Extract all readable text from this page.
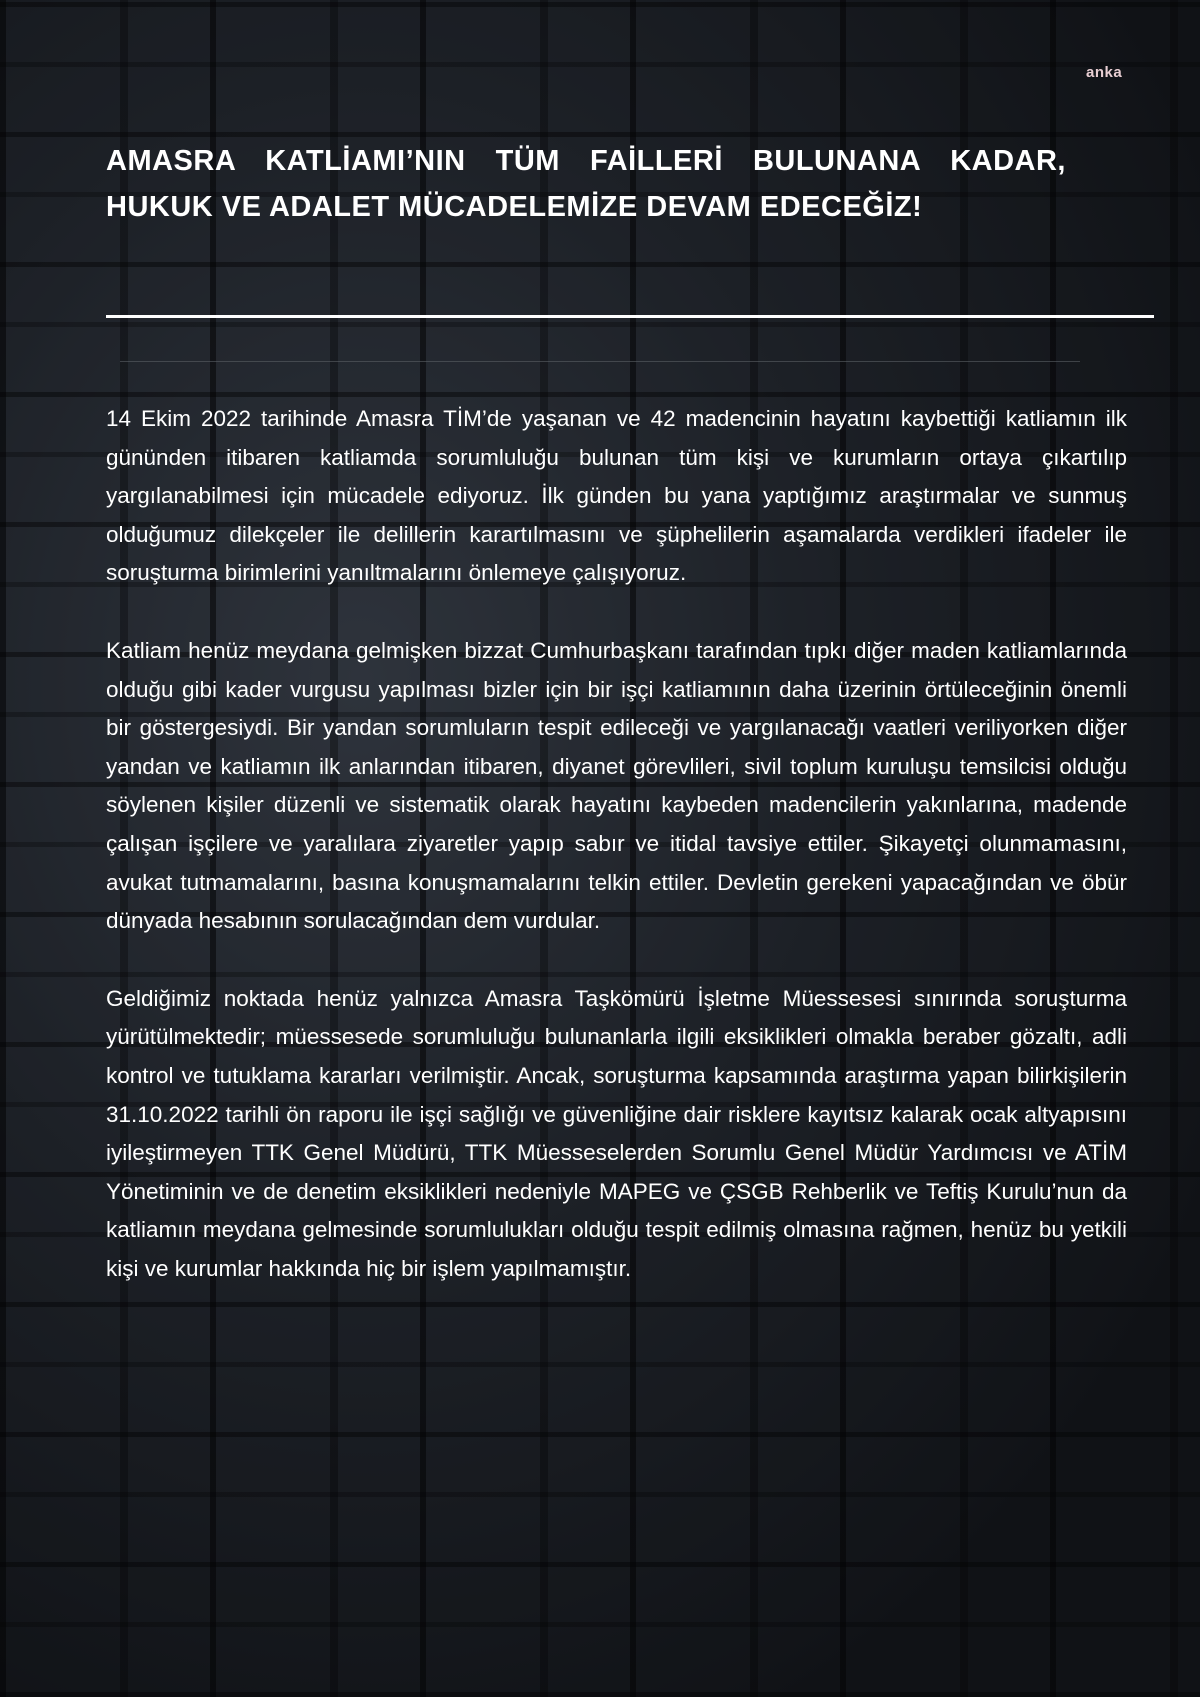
anka
AMASRA KATLİAMI’NIN TÜM FAİLLERİ BULUNANA KADAR, HUKUK VE ADALET MÜCADELEMİZE DEVAM EDECEĞİZ!

14 Ekim 2022 tarihinde Amasra TİM’de yaşanan ve 42 madencinin hayatını kaybettiği katliamın ilk gününden itibaren katliamda sorumluluğu bulunan tüm kişi ve kurumların ortaya çıkartılıp yargılanabilmesi için mücadele ediyoruz. İlk günden bu yana yaptığımız araştırmalar ve sunmuş olduğumuz dilekçeler ile delillerin karartılmasını ve şüphelilerin aşamalarda verdikleri ifadeler ile soruşturma birimlerini yanıltmalarını önlemeye çalışıyoruz.

Katliam henüz meydana gelmişken bizzat Cumhurbaşkanı tarafından tıpkı diğer maden katliamlarında olduğu gibi kader vurgusu yapılması bizler için bir işçi katliamının daha üzerinin örtüleceğinin önemli bir göstergesiydi. Bir yandan sorumluların tespit edileceği ve yargılanacağı vaatleri veriliyorken diğer yandan ve katliamın ilk anlarından itibaren, diyanet görevlileri, sivil toplum kuruluşu temsilcisi olduğu söylenen kişiler düzenli ve sistematik olarak hayatını kaybeden madencilerin yakınlarına, madende çalışan işçilere ve yaralılara ziyaretler yapıp sabır ve itidal tavsiye ettiler. Şikayetçi olunmamasını, avukat tutmamalarını, basına konuşmamalarını telkin ettiler. Devletin gerekeni yapacağından ve öbür dünyada hesabının sorulacağından dem vurdular.

Geldiğimiz noktada henüz yalnızca Amasra Taşkömürü İşletme Müessesesi sınırında soruşturma yürütülmektedir; müessesede sorumluluğu bulunanlarla ilgili eksiklikleri olmakla beraber gözaltı, adli kontrol ve tutuklama kararları verilmiştir. Ancak, soruşturma kapsamında araştırma yapan bilirkişilerin 31.10.2022 tarihli ön raporu ile işçi sağlığı ve güvenliğine dair risklere kayıtsız kalarak ocak altyapısını iyileştirmeyen TTK Genel Müdürü, TTK Müesseselerden Sorumlu Genel Müdür Yardımcısı ve ATİM Yönetiminin ve de denetim eksiklikleri nedeniyle MAPEG ve ÇSGB Rehberlik ve Teftiş Kurulu’nun da katliamın meydana gelmesinde sorumlulukları olduğu tespit edilmiş olmasına rağmen, henüz bu yetkili kişi ve kurumlar hakkında hiç bir işlem yapılmamıştır.
